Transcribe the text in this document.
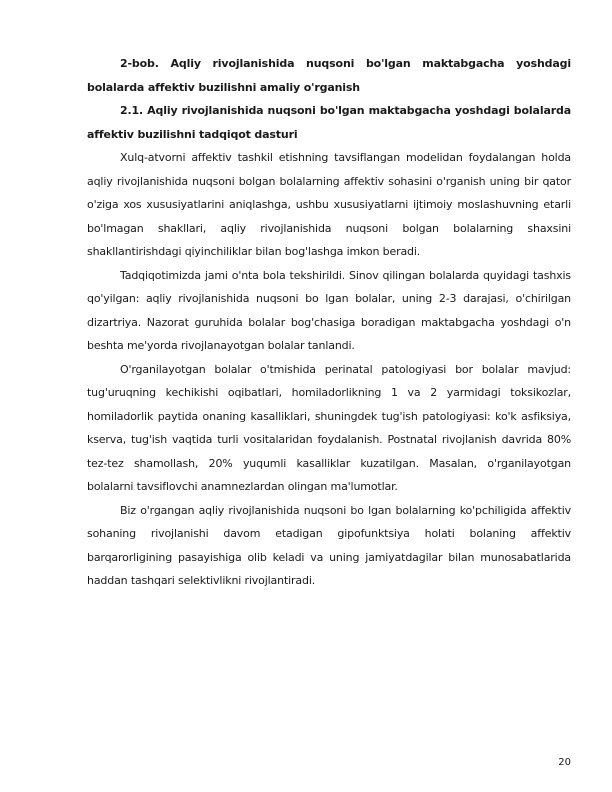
2-bob. Aqliy rivojlanishida nuqsoni bo'lgan maktabgacha yoshdagi bolalarda affektiv buzilishni amaliy o'rganish

2.1. Aqliy rivojlanishida nuqsoni bo'lgan maktabgacha yoshdagi bolalarda affektiv buzilishni tadqiqot dasturi

Xulq-atvorni affektiv tashkil etishning tavsiflangan modelidan foydalangan holda aqliy rivojlanishida nuqsoni bolgan bolalarning affektiv sohasini o'rganish uning bir qator o'ziga xos xususiyatlarini aniqlashga, ushbu xususiyatlarni ijtimoiy moslashuvning etarli bo'lmagan shakllari, aqliy rivojlanishida nuqsoni bolgan bolalarning shaxsini shakllantirishdagi qiyinchiliklar bilan bog'lashga imkon beradi.

Tadqiqotimizda jami o'nta bola tekshirildi. Sinov qilingan bolalarda quyidagi tashxis qo'yilgan: aqliy rivojlanishida nuqsoni bo lgan bolalar, uning 2-3 darajasi, o'chirilgan dizartriya. Nazorat guruhida bolalar bog'chasiga boradigan maktabgacha yoshdagi o'n beshta me'yorda rivojlanayotgan bolalar tanlandi.

O'rganilayotgan bolalar o'tmishida perinatal patologiyasi bor bolalar mavjud: tug'uruqning kechikishi oqibatlari, homiladorlikning 1 va 2 yarmidagi toksikozlar, homiladorlik paytida onaning kasalliklari, shuningdek tug'ish patologiyasi: ko'k asfiksiya, kserva, tug'ish vaqtida turli vositalaridan foydalanish. Postnatal rivojlanish davrida 80% tez-tez shamollash, 20% yuqumli kasalliklar kuzatilgan. Masalan, o'rganilayotgan bolalarni tavsiflovchi anamnezlardan olingan ma'lumotlar.

Biz o'rgangan aqliy rivojlanishida nuqsoni bo lgan bolalarning ko'pchiligida affektiv sohaning rivojlanishi davom etadigan gipofunktsiya holati bolaning affektiv barqarorligining pasayishiga olib keladi va uning jamiyatdagilar bilan munosabatlarida haddan tashqari selektivlikni rivojlantiradi.

20
